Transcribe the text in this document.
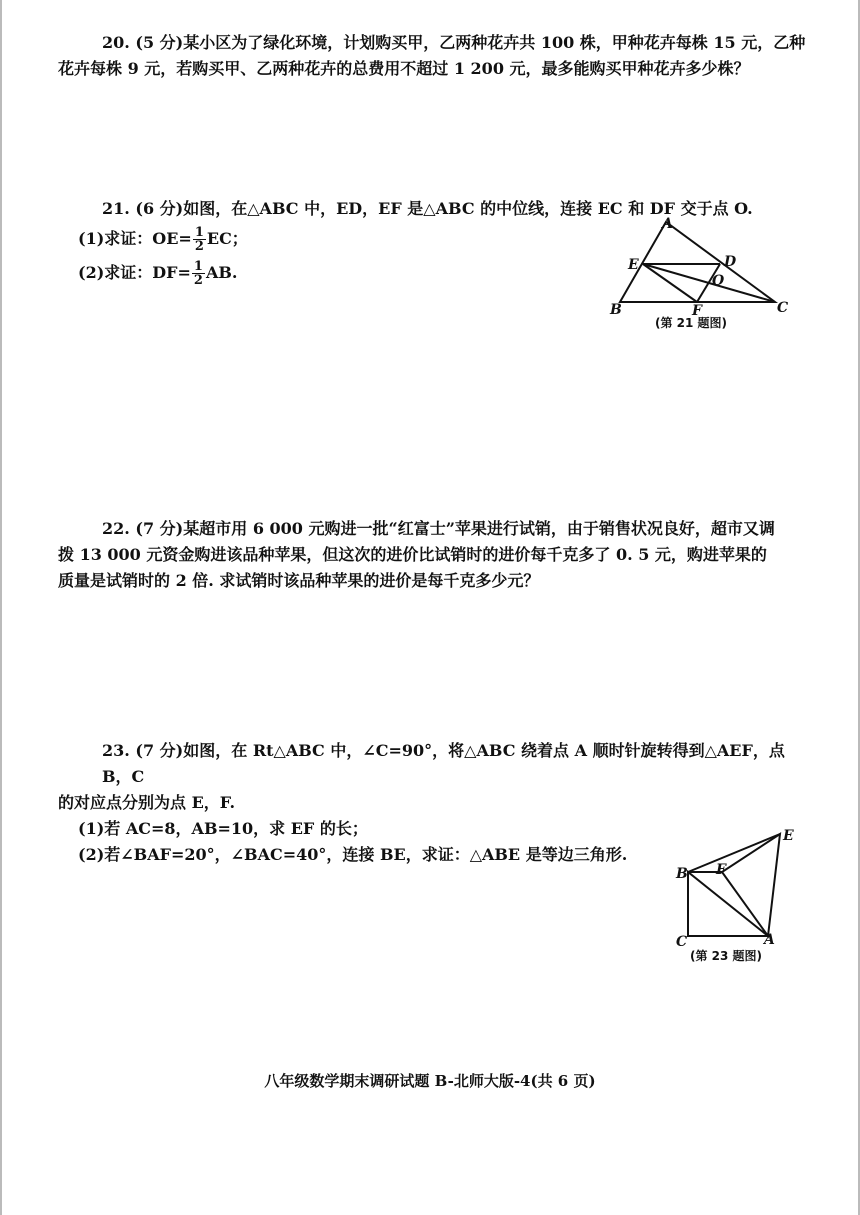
20. (5 分)某小区为了绿化环境，计划购买甲，乙两种花卉共 100 株，甲种花卉每株 15 元，乙种

花卉每株 9 元，若购买甲、乙两种花卉的总费用不超过 1 200 元，最多能购买甲种花卉多少株？

21. (6 分)如图，在△ABC 中，ED，EF 是△ABC 的中位线，连接 EC 和 DF 交于点 O.

(1)求证：$OE= \frac{1}{2}$ EC；
(2)求证：$DF= \frac{1}{2}$ AB.
A
B	C
D
E
F
O
(第 21 题图)

22. (7 分)某超市用 6 000 元购进一批“红富士”苹果进行试销，由于销售状况良好，超市又调

拨 13 000 元资金购进该品种苹果，但这次的进价比试销时的进价每千克多了 0. 5 元，购进苹果的

质量是试销时的 2 倍. 求试销时该品种苹果的进价是每千克多少元？

23. (7 分)如图，在 Rt△ABC 中，∠C=90°，将△ABC 绕着点 A 顺时针旋转得到△AEF，点 B，C

的对应点分别为点 E，F.

(1)若 AC=8，AB=10，求 EF 的长；

(2)若∠BAF=20°，∠BAC=40°，连接 BE，求证：△ABE 是等边三角形.

B F
E
C	A
(第 23 题图)
八年级数学期末调研试题 B-北师大版-4(共 6 页)
